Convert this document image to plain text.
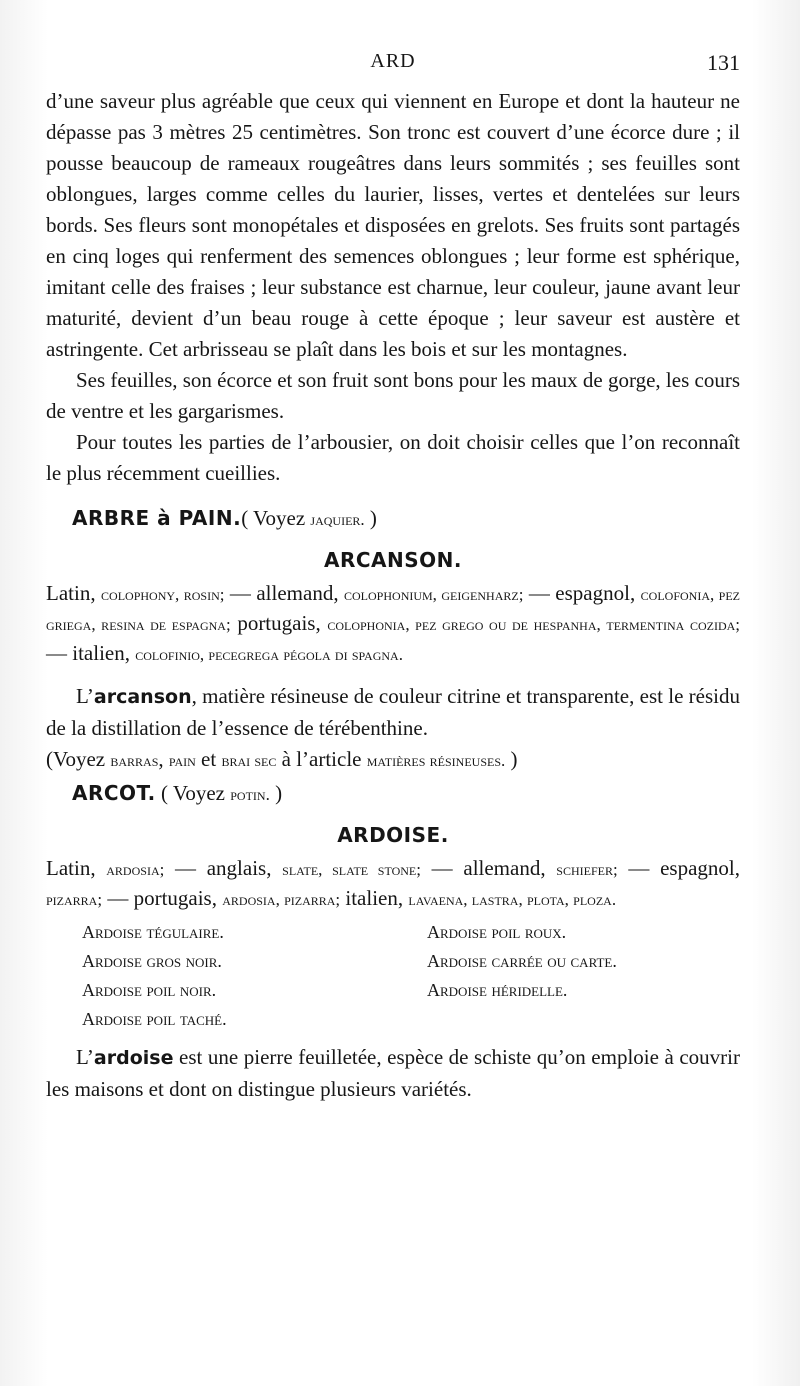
ARD	131

d’une saveur plus agréable que ceux qui viennent en Europe et dont la hauteur ne dépasse pas 3 mètres 25 centimètres. Son tronc est couvert d’une écorce dure ; il pousse beaucoup de rameaux rougeâtres dans leurs sommités ; ses feuilles sont oblongues, larges comme celles du laurier, lisses, vertes et dentelées sur leurs bords. Ses fleurs sont monopétales et disposées en grelots. Ses fruits sont partagés en cinq loges qui renferment des semences oblongues ; leur forme est sphérique, imitant celle des fraises ; leur substance est charnue, leur couleur, jaune avant leur maturité, devient d’un beau rouge à cette époque ; leur saveur est austère et astringente. Cet arbrisseau se plaît dans les bois et sur les montagnes.

Ses feuilles, son écorce et son fruit sont bons pour les maux de gorge, les cours de ventre et les gargarismes.

Pour toutes les parties de l’arbousier, on doit choisir celles que l’on reconnaît le plus récemment cueillies.

ARBRE à PAIN.( Voyez jaquier. )

ARCANSON.

Latin, colophony, rosin; — allemand, colophonium, geigenharz; — espagnol, colofonia, pez griega, resina de espagna; portugais, colophonia, pez grego ou de hespanha, termentina cozida; — italien, colofinio, pecegrega pégola di spagna.

L’arcanson, matière résineuse de couleur citrine et transparente, est le résidu de la distillation de l’essence de térébenthine.

(Voyez barras, pain et brai sec à l’article matières résineuses. )

ARCOT. ( Voyez potin. )

ARDOISE.

Latin, ardosia; — anglais, slate, slate stone; — allemand, schiefer; — espagnol, pizarra; — portugais, ardosia, pizarra; italien, lavaena, lastra, plota, ploza.

Ardoise tégulaire.	Ardoise poil roux.
Ardoise gros noir.	Ardoise carrée ou carte.
Ardoise poil noir.	Ardoise héridelle.
Ardoise poil taché.

L’ardoise est une pierre feuilletée, espèce de schiste qu’on emploie à couvrir les maisons et dont on distingue plusieurs variétés.
